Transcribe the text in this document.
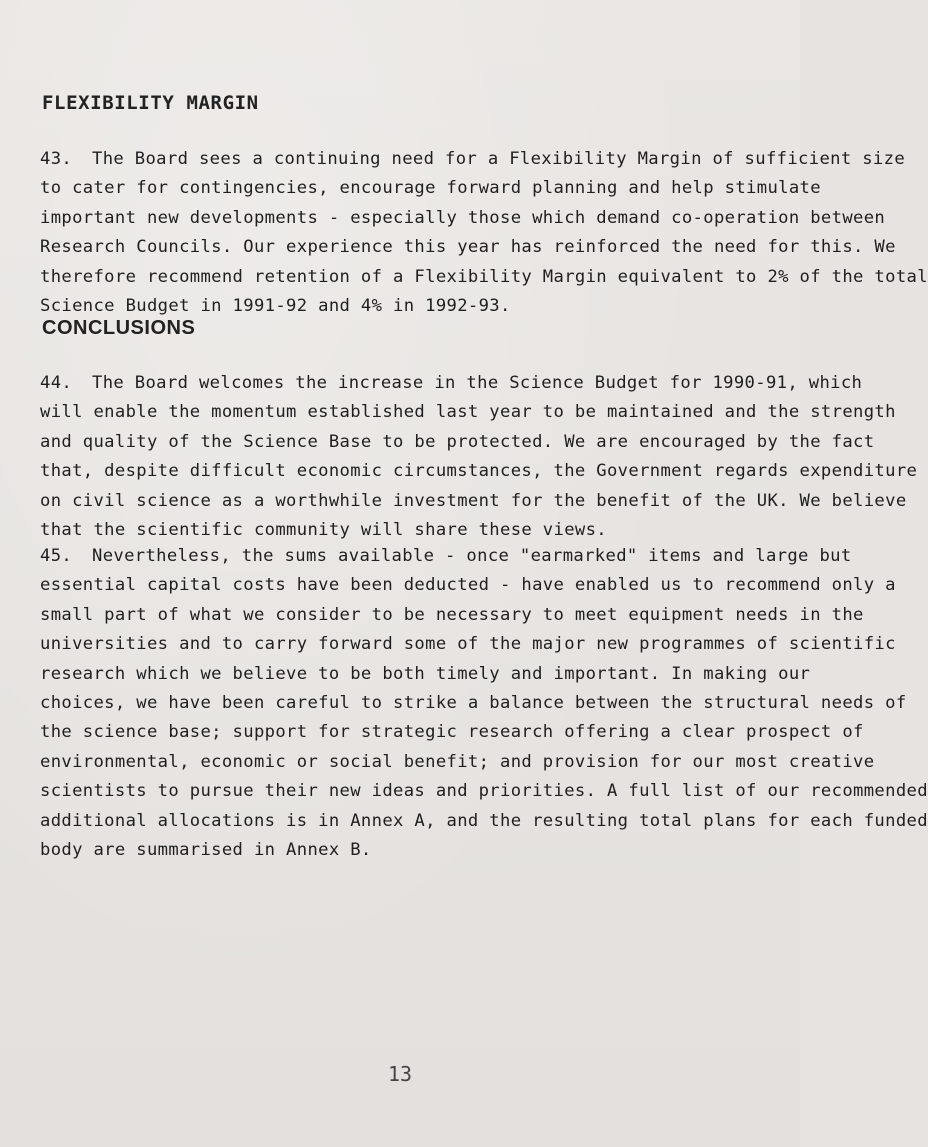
FLEXIBILITY MARGIN

43. The Board sees a continuing need for a Flexibility Margin of sufficient size
to cater for contingencies, encourage forward planning and help stimulate
important new developments - especially those which demand co-operation between
Research Councils. Our experience this year has reinforced the need for this. We
therefore recommend retention of a Flexibility Margin equivalent to 2% of the total
Science Budget in 1991-92 and 4% in 1992-93.

CONCLUSIONS

44. The Board welcomes the increase in the Science Budget for 1990-91, which
will enable the momentum established last year to be maintained and the strength
and quality of the Science Base to be protected. We are encouraged by the fact
that, despite difficult economic circumstances, the Government regards expenditure
on civil science as a worthwhile investment for the benefit of the UK. We believe
that the scientific community will share these views.

45. Nevertheless, the sums available - once "earmarked" items and large but
essential capital costs have been deducted - have enabled us to recommend only a
small part of what we consider to be necessary to meet equipment needs in the
universities and to carry forward some of the major new programmes of scientific
research which we believe to be both timely and important. In making our
choices, we have been careful to strike a balance between the structural needs of
the science base; support for strategic research offering a clear prospect of
environmental, economic or social benefit; and provision for our most creative
scientists to pursue their new ideas and priorities. A full list of our recommended
additional allocations is in Annex A, and the resulting total plans for each funded
body are summarised in Annex B.

13
